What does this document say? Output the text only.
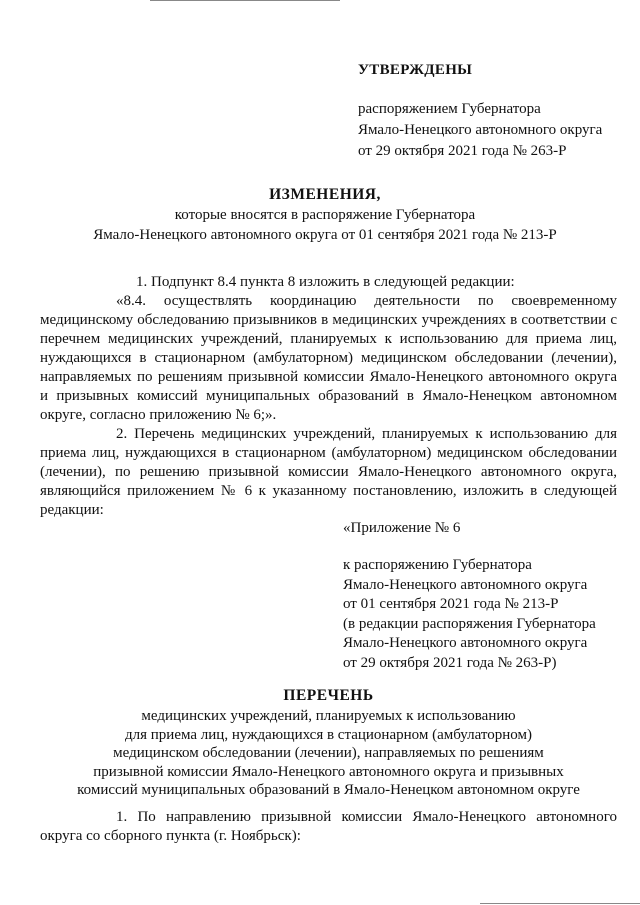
УТВЕРЖДЕНЫ

распоряжением Губернатора

Ямало-Ненецкого автономного округа

от 29 октября 2021 года № 263-Р

ИЗМЕНЕНИЯ,

которые вносятся в распоряжение Губернатора

Ямало-Ненецкого автономного округа от 01 сентября 2021 года № 213-Р

1. Подпункт 8.4 пункта 8 изложить в следующей редакции:

«8.4. осуществлять координацию деятельности по своевременному медицинскому обследованию призывников в медицинских учреждениях в соответствии с перечнем медицинских учреждений, планируемых к использованию для приема лиц, нуждающихся в стационарном (амбулаторном) медицинском обследовании (лечении), направляемых по решениям призывной комиссии Ямало-Ненецкого автономного округа и призывных комиссий муниципальных образований в Ямало-Ненецком автономном округе, согласно приложению № 6;».

2. Перечень медицинских учреждений, планируемых к использованию для приема лиц, нуждающихся в стационарном (амбулаторном) медицинском обследовании (лечении), по решению призывной комиссии Ямало-Ненецкого автономного округа, являющийся приложением № 6 к указанному постановлению, изложить в следующей редакции:

«Приложение № 6

к распоряжению Губернатора

Ямало-Ненецкого автономного округа

от 01 сентября 2021 года № 213-Р

(в редакции распоряжения Губернатора

Ямало-Ненецкого автономного округа

от 29 октября 2021 года № 263-Р)

ПЕРЕЧЕНЬ

медицинских учреждений, планируемых к использованию

для приема лиц, нуждающихся в стационарном (амбулаторном)

медицинском обследовании (лечении), направляемых по решениям

призывной комиссии Ямало-Ненецкого автономного округа и призывных

комиссий муниципальных образований в Ямало-Ненецком автономном округе

1. По направлению призывной комиссии Ямало-Ненецкого автономного округа со сборного пункта (г. Ноябрьск):
